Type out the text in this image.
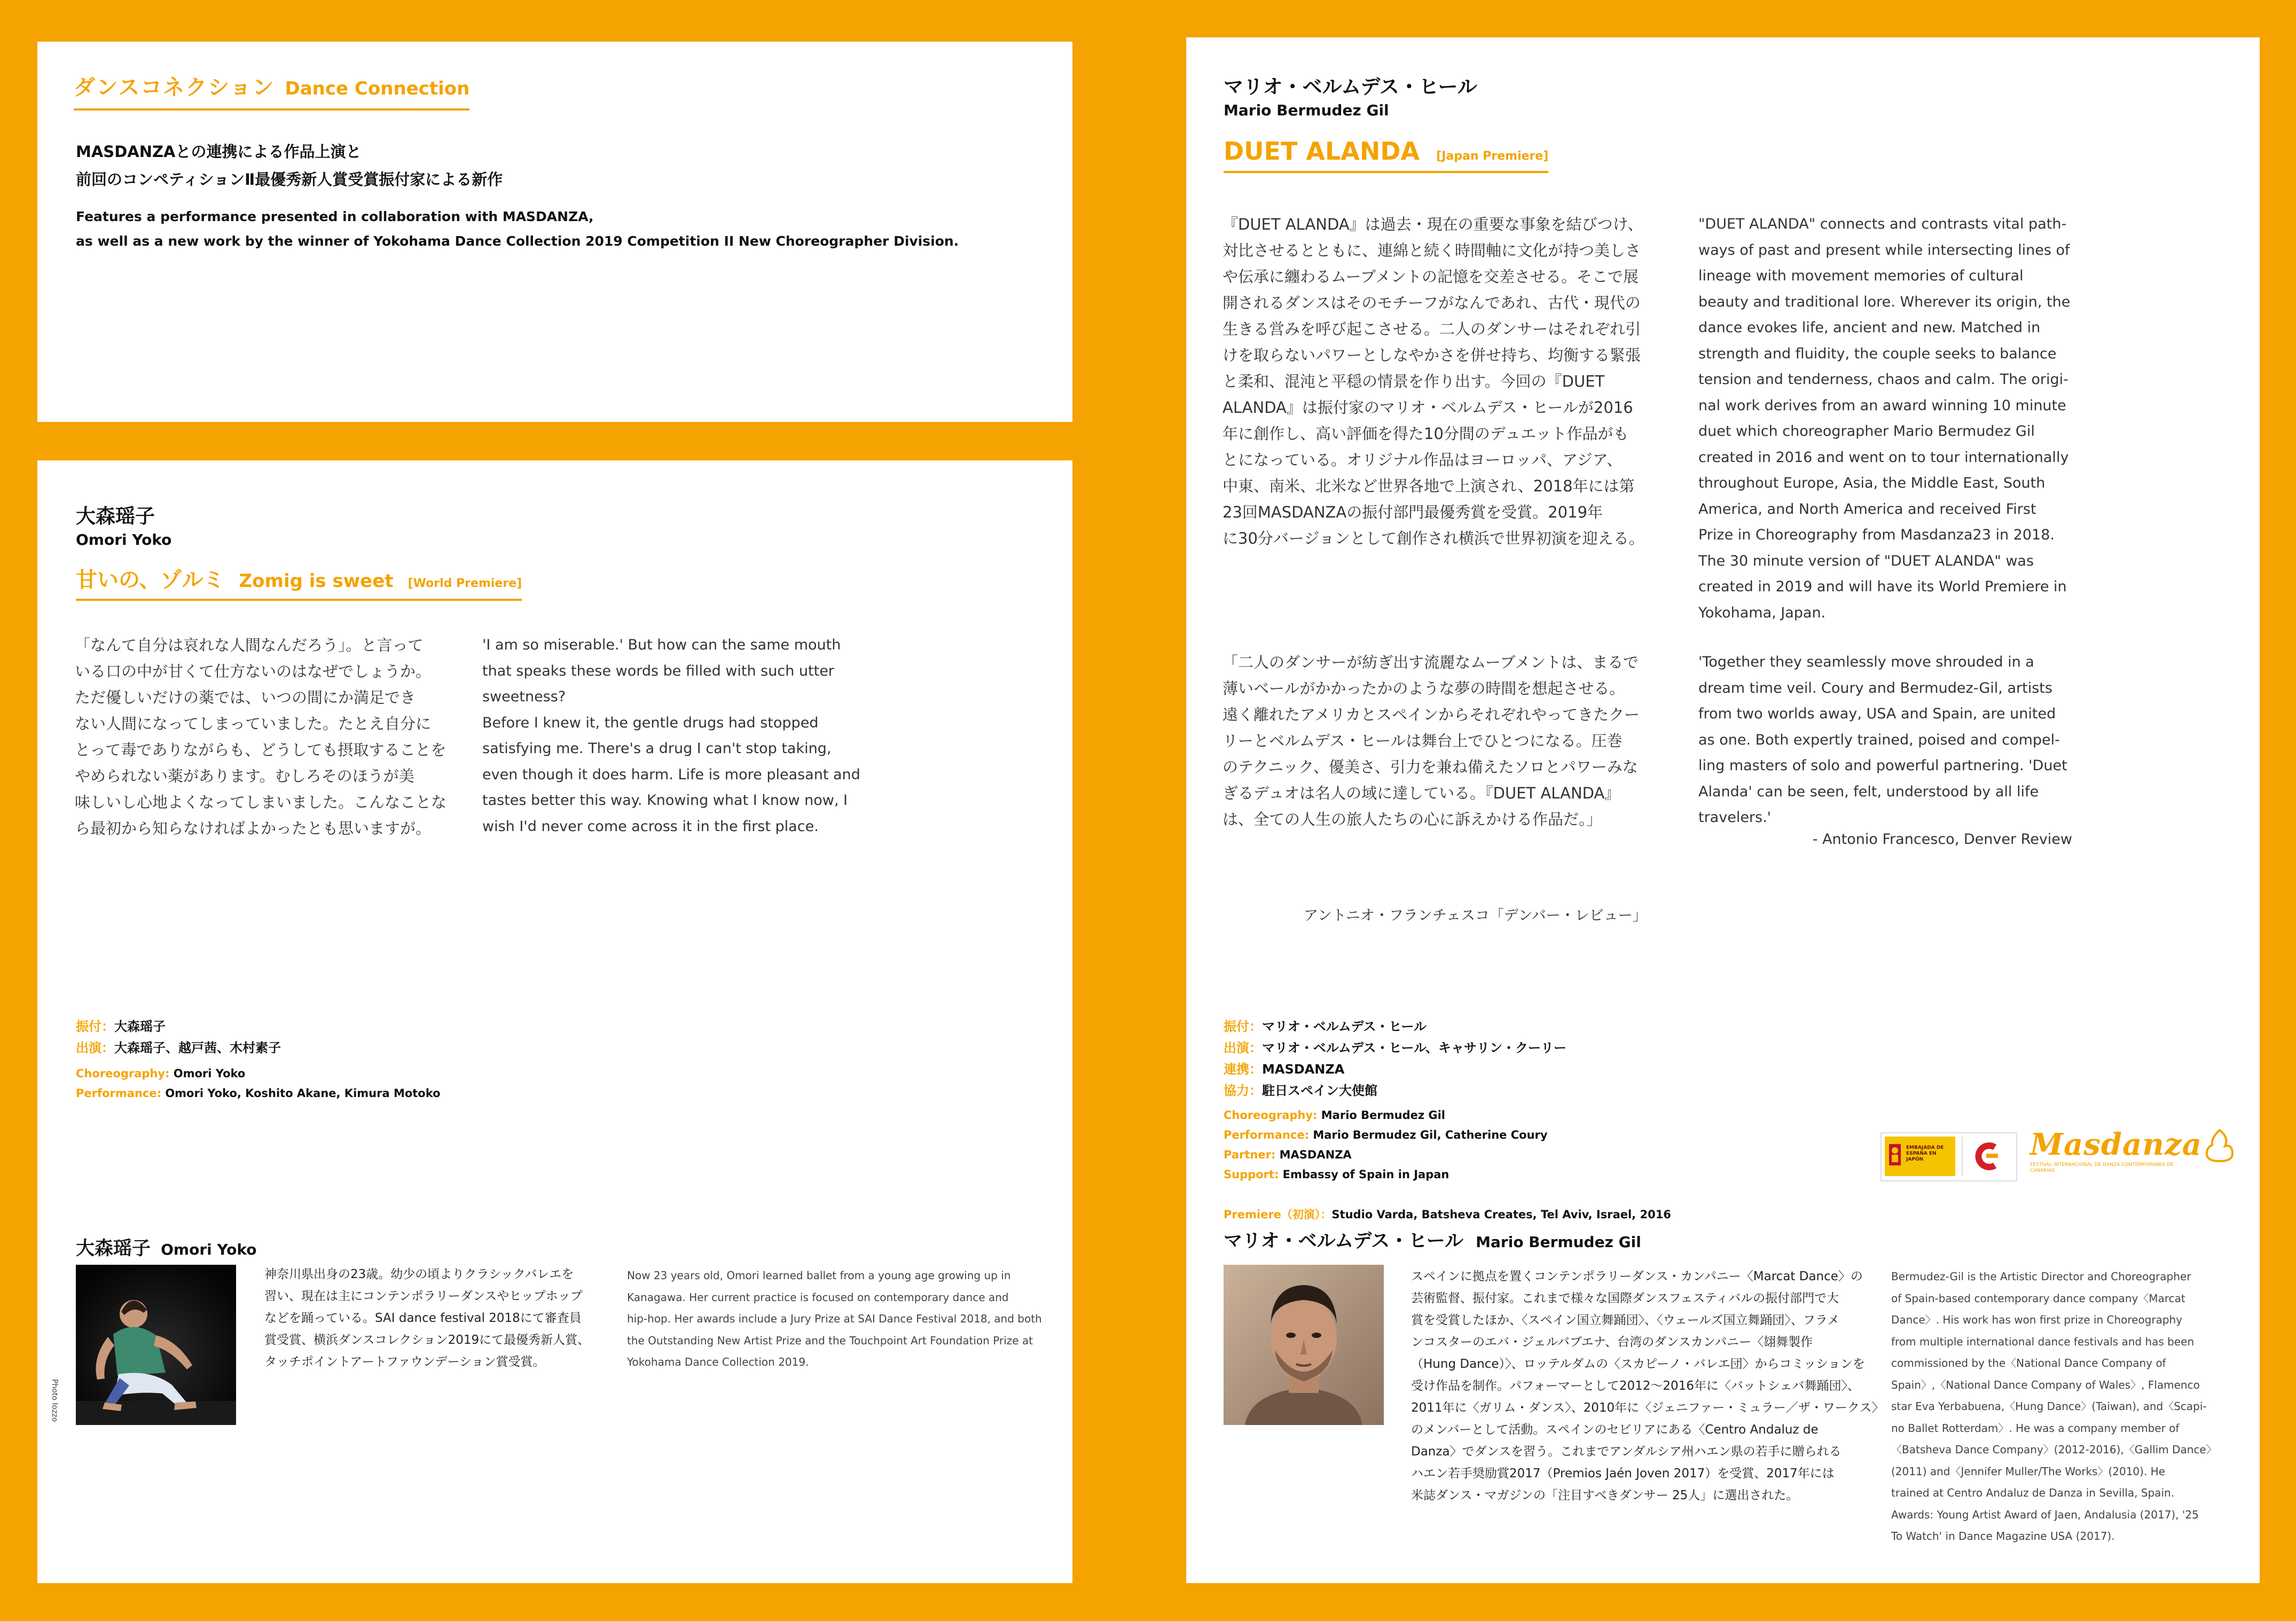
ダンスコネクション Dance Connection
MASDANZAとの連携による作品上演と
前回のコンペティションⅡ最優秀新人賞受賞振付家による新作
Features a performance presented in collaboration with MASDANZA,
as well as a new work by the winner of Yokohama Dance Collection 2019 Competition II New Choreographer Division.
大森瑶子
Omori Yoko
甘いの、ゾルミ Zomig is sweet [World Premiere]
「なんて自分は哀れな人間なんだろう」。と言って
いる口の中が甘くて仕方ないのはなぜでしょうか。
ただ優しいだけの薬では、いつの間にか満足でき
ない人間になってしまっていました。たとえ自分に
とって毒でありながらも、どうしても摂取することを
やめられない薬があります。むしろそのほうが美
味しいし心地よくなってしまいました。こんなことな
ら最初から知らなければよかったとも思いますが。
'I am so miserable.' But how can the same mouth
that speaks these words be filled with such utter
sweetness?
Before I knew it, the gentle drugs had stopped
satisfying me. There's a drug I can't stop taking,
even though it does harm. Life is more pleasant and
tastes better this way. Knowing what I know now, I
wish I'd never come across it in the first place.
振付：大森瑶子
出演：大森瑶子、越戸茜、木村素子
Choreography: Omori Yoko
Performance: Omori Yoko, Koshito Akane, Kimura Motoko
大森瑶子 Omori Yoko
Photo Iozzo
神奈川県出身の23歳。幼少の頃よりクラシックバレエを
習い、現在は主にコンテンポラリーダンスやヒップホップ
などを踊っている。SAI dance festival 2018にて審査員
賞受賞、横浜ダンスコレクション2019にて最優秀新人賞、
タッチポイントアートファウンデーション賞受賞。
Now 23 years old, Omori learned ballet from a young age growing up in
Kanagawa. Her current practice is focused on contemporary dance and
hip-hop. Her awards include a Jury Prize at SAI Dance Festival 2018, and both
the Outstanding New Artist Prize and the Touchpoint Art Foundation Prize at
Yokohama Dance Collection 2019.
マリオ・ベルムデス・ヒール
Mario Bermudez Gil
DUET ALANDA [Japan Premiere]
『DUET ALANDA』は過去・現在の重要な事象を結びつけ、
対比させるとともに、連綿と続く時間軸に文化が持つ美しさ
や伝承に纏わるムーブメントの記憶を交差させる。そこで展
開されるダンスはそのモチーフがなんであれ、古代・現代の
生きる営みを呼び起こさせる。二人のダンサーはそれぞれ引
けを取らないパワーとしなやかさを併せ持ち、均衡する緊張
と柔和、混沌と平穏の情景を作り出す。今回の『DUET
ALANDA』は振付家のマリオ・ベルムデス・ヒールが2016
年に創作し、高い評価を得た10分間のデュエット作品がも
とになっている。オリジナル作品はヨーロッパ、アジア、
中東、南米、北米など世界各地で上演され、2018年には第
23回MASDANZAの振付部門最優秀賞を受賞。2019年
に30分バージョンとして創作され横浜で世界初演を迎える。
"DUET ALANDA" connects and contrasts vital path-
ways of past and present while intersecting lines of
lineage with movement memories of cultural
beauty and traditional lore. Wherever its origin, the
dance evokes life, ancient and new. Matched in
strength and fluidity, the couple seeks to balance
tension and tenderness, chaos and calm. The origi-
nal work derives from an award winning 10 minute
duet which choreographer Mario Bermudez Gil
created in 2016 and went on to tour internationally
throughout Europe, Asia, the Middle East, South
America, and North America and received First
Prize in Choreography from Masdanza23 in 2018.
The 30 minute version of "DUET ALANDA" was
created in 2019 and will have its World Premiere in
Yokohama, Japan.
「二人のダンサーが紡ぎ出す流麗なムーブメントは、まるで
薄いベールがかかったかのような夢の時間を想起させる。
遠く離れたアメリカとスペインからそれぞれやってきたクー
リーとベルムデス・ヒールは舞台上でひとつになる。圧巻
のテクニック、優美さ、引力を兼ね備えたソロとパワーみな
ぎるデュオは名人の域に達している。『DUET ALANDA』
は、全ての人生の旅人たちの心に訴えかける作品だ。」
アントニオ・フランチェスコ「デンバー・レビュー」
'Together they seamlessly move shrouded in a
dream time veil. Coury and Bermudez-Gil, artists
from two worlds away, USA and Spain, are united
as one. Both expertly trained, poised and compel-
ling masters of solo and powerful partnering. 'Duet
Alanda' can be seen, felt, understood by all life
travelers.'
- Antonio Francesco, Denver Review
振付：マリオ・ベルムデス・ヒール
出演：マリオ・ベルムデス・ヒール、キャサリン・クーリー
連携：MASDANZA
協力：駐日スペイン大使館
Choreography: Mario Bermudez Gil
Performance: Mario Bermudez Gil, Catherine Coury
Partner: MASDANZA
Support: Embassy of Spain in Japan
EMBAJADA DE ESPAÑA EN JAPÓN	Masdanza
FESTIVAL INTERNACIONAL DE DANZA CONTEMPORÁNEA DE CANARIAS
Premiere（初演）：Studio Varda, Batsheva Creates, Tel Aviv, Israel, 2016
マリオ・ベルムデス・ヒール Mario Bermudez Gil
スペインに拠点を置くコンテンポラリーダンス・カンパニー〈Marcat Dance〉の
芸術監督、振付家。これまで様々な国際ダンスフェスティバルの振付部門で大
賞を受賞したほか、〈スペイン国立舞踊団〉、〈ウェールズ国立舞踊団〉、フラメ
ンコスターのエバ・ジェルバブエナ、台湾のダンスカンパニー〈翃舞製作
（Hung Dance）〉、ロッテルダムの〈スカピーノ・バレエ団〉からコミッションを
受け作品を制作。パフォーマーとして2012〜2016年に〈バットシェバ舞踊団〉、
2011年に〈ガリム・ダンス〉、2010年に〈ジェニファー・ミュラー／ザ・ワークス〉
のメンバーとして活動。スペインのセビリアにある〈Centro Andaluz de
Danza〉でダンスを習う。これまでアンダルシア州ハエン県の若手に贈られる
ハエン若手奨励賞2017（Premios Jaén Joven 2017）を受賞、2017年には
米誌ダンス・マガジンの「注目すべきダンサー 25人」に選出された。
Bermudez-Gil is the Artistic Director and Choreographer
of Spain-based contemporary dance company〈Marcat
Dance〉. His work has won first prize in Choreography
from multiple international dance festivals and has been
commissioned by the〈National Dance Company of
Spain〉,〈National Dance Company of Wales〉, Flamenco
star Eva Yerbabuena,〈Hung Dance〉(Taiwan), and〈Scapi-
no Ballet Rotterdam〉. He was a company member of
〈Batsheva Dance Company〉(2012-2016),〈Gallim Dance〉
(2011) and〈Jennifer Muller/The Works〉(2010). He
trained at Centro Andaluz de Danza in Sevilla, Spain.
Awards: Young Artist Award of Jaen, Andalusia (2017), '25
To Watch' in Dance Magazine USA (2017).
